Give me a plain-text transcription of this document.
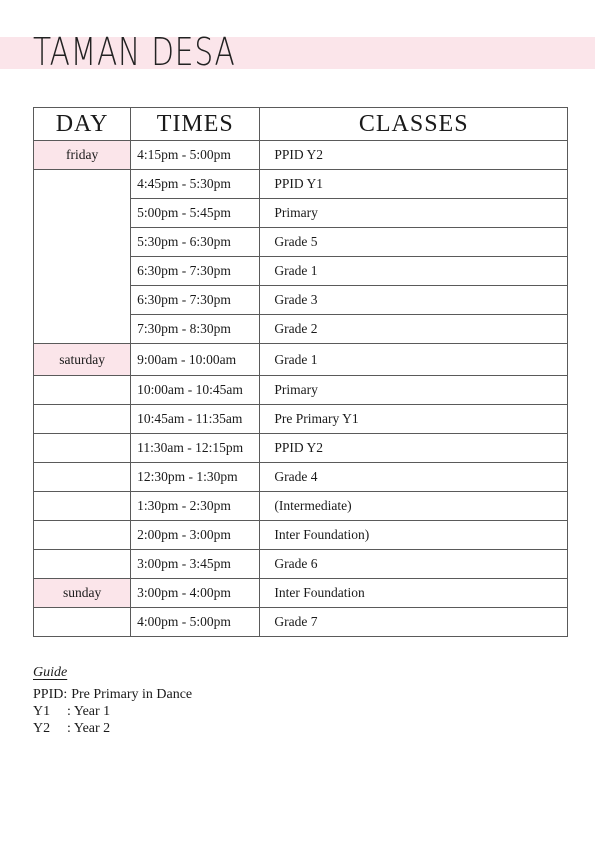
TAMAN DESA
DAY	TIMES	CLASSES
friday	4:15pm - 5:00pm	PPID Y2
	4:45pm - 5:30pm	PPID Y1
	5:00pm - 5:45pm	Primary
	5:30pm - 6:30pm	Grade 5
	6:30pm - 7:30pm	Grade 1
	6:30pm - 7:30pm	Grade 3
	7:30pm - 8:30pm	Grade 2
saturday	9:00am - 10:00am	Grade 1
	10:00am - 10:45am	Primary
	10:45am - 11:35am	Pre Primary Y1
	11:30am - 12:15pm	PPID Y2
	12:30pm - 1:30pm	Grade 4
	1:30pm - 2:30pm	(Intermediate)
	2:00pm - 3:00pm	Inter Foundation)
	3:00pm - 3:45pm	Grade 6
sunday	3:00pm - 4:00pm	Inter Foundation
	4:00pm - 5:00pm	Grade 7
Guide
PPID: Pre Primary in Dance
Y1	: Year 1
Y2	: Year 2
